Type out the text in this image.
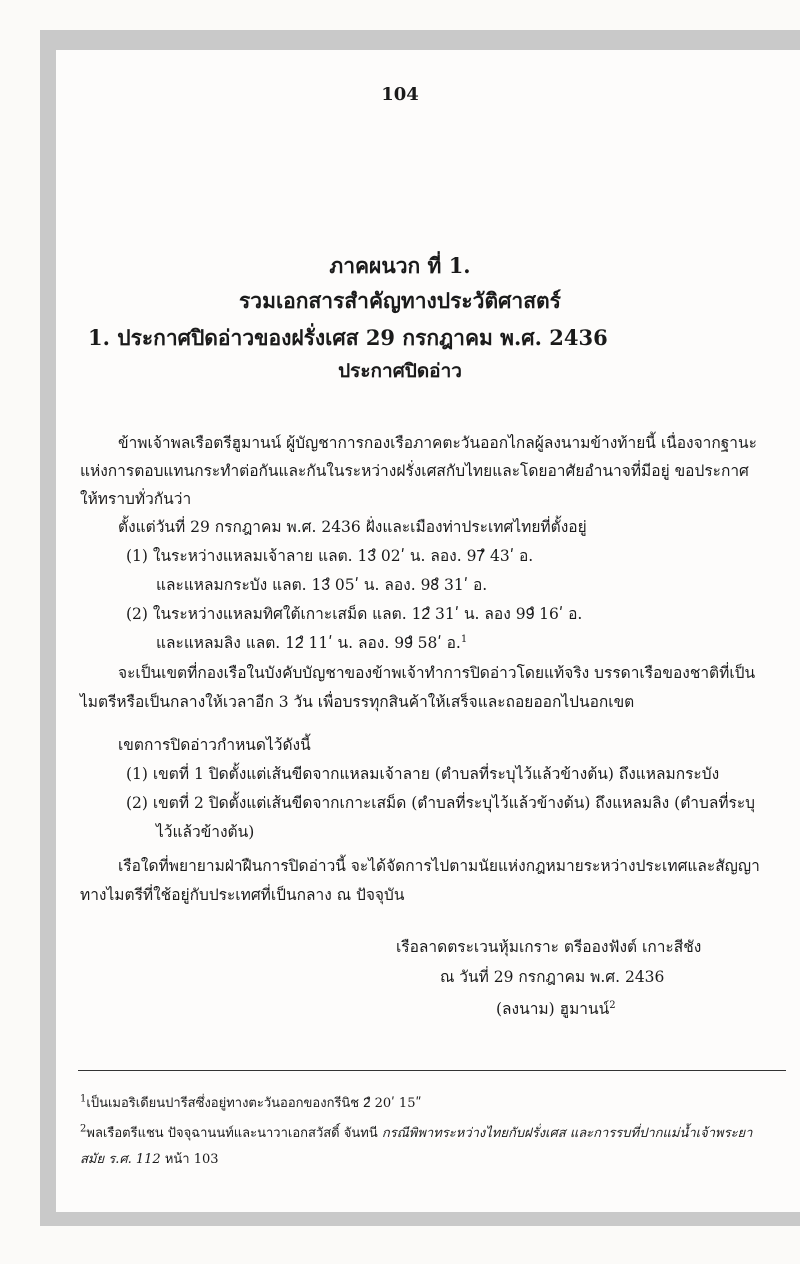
104
ภาคผนวก ที่ 1.
รวมเอกสารสำคัญทางประวัติศาสตร์
1. ประกาศปิดอ่าวของฝรั่งเศส 29 กรกฎาคม พ.ศ. 2436
ประกาศปิดอ่าว
ข้าพเจ้าพลเรือตรีฮูมานน์ ผู้บัญชาการกองเรือภาคตะวันออกไกลผู้ลงนามข้างท้ายนี้ เนื่องจากฐานะ
แห่งการตอบแทนกระทำต่อกันและกันในระหว่างฝรั่งเศสกับไทยและโดยอาศัยอำนาจที่มีอยู่ ขอประกาศ
ให้ทราบทั่วกันว่า
ตั้งแต่วันที่ 29 กรกฎาคม พ.ศ. 2436 ฝั่งและเมืองท่าประเทศไทยที่ตั้งอยู่
(1) ในระหว่างแหลมเจ้าลาย แลต. 13ํ 02ʹ น. ลอง. 97ํ 43ʹ อ.
และแหลมกระบัง แลต. 13ํ 05ʹ น. ลอง. 98ํ 31ʹ อ.
(2) ในระหว่างแหลมทิศใต้เกาะเสม็ด แลต. 12ํ 31ʹ น. ลอง 99ํ 16ʹ อ.
และแหลมลิง แลต. 12ํ 11ʹ น. ลอง. 99ํ 58ʹ อ.$^1$
จะเป็นเขตที่กองเรือในบังคับบัญชาของข้าพเจ้าทำการปิดอ่าวโดยแท้จริง บรรดาเรือของชาติที่เป็น
ไมตรีหรือเป็นกลางให้เวลาอีก 3 วัน เพื่อบรรทุกสินค้าให้เสร็จและถอยออกไปนอกเขต
เขตการปิดอ่าวกำหนดไว้ดังนี้
(1) เขตที่ 1 ปิดตั้งแต่เส้นขีดจากแหลมเจ้าลาย (ตำบลที่ระบุไว้แล้วข้างต้น) ถึงแหลมกระบัง
(2) เขตที่ 2 ปิดตั้งแต่เส้นขีดจากเกาะเสม็ด (ตำบลที่ระบุไว้แล้วข้างต้น) ถึงแหลมลิง (ตำบลที่ระบุ
ไว้แล้วข้างต้น)
เรือใดที่พยายามฝ่าฝืนการปิดอ่าวนี้ จะได้จัดการไปตามนัยแห่งกฎหมายระหว่างประเทศและสัญญา
ทางไมตรีที่ใช้อยู่กับประเทศที่เป็นกลาง ณ ปัจจุบัน
เรือลาดตระเวนหุ้มเกราะ ตรีอองฟังต์ เกาะสีชัง
ณ วันที่ 29 กรกฎาคม พ.ศ. 2436
(ลงนาม) ฮูมานน์$^2$
$^1$เป็นเมอริเดียนปารีสซึ่งอยู่ทางตะวันออกของกรีนิช 2ํ 20ʹ 15ʺ
$^2$พลเรือตรีแชน ปัจจุฉานนท์และนาวาเอกสวัสดิ์ จันทนี กรณีพิพาทระหว่างไทยกับฝรั่งเศส และการรบที่ปากแม่น้ำเจ้าพระยา
สมัย ร.ศ. 112 หน้า 103
